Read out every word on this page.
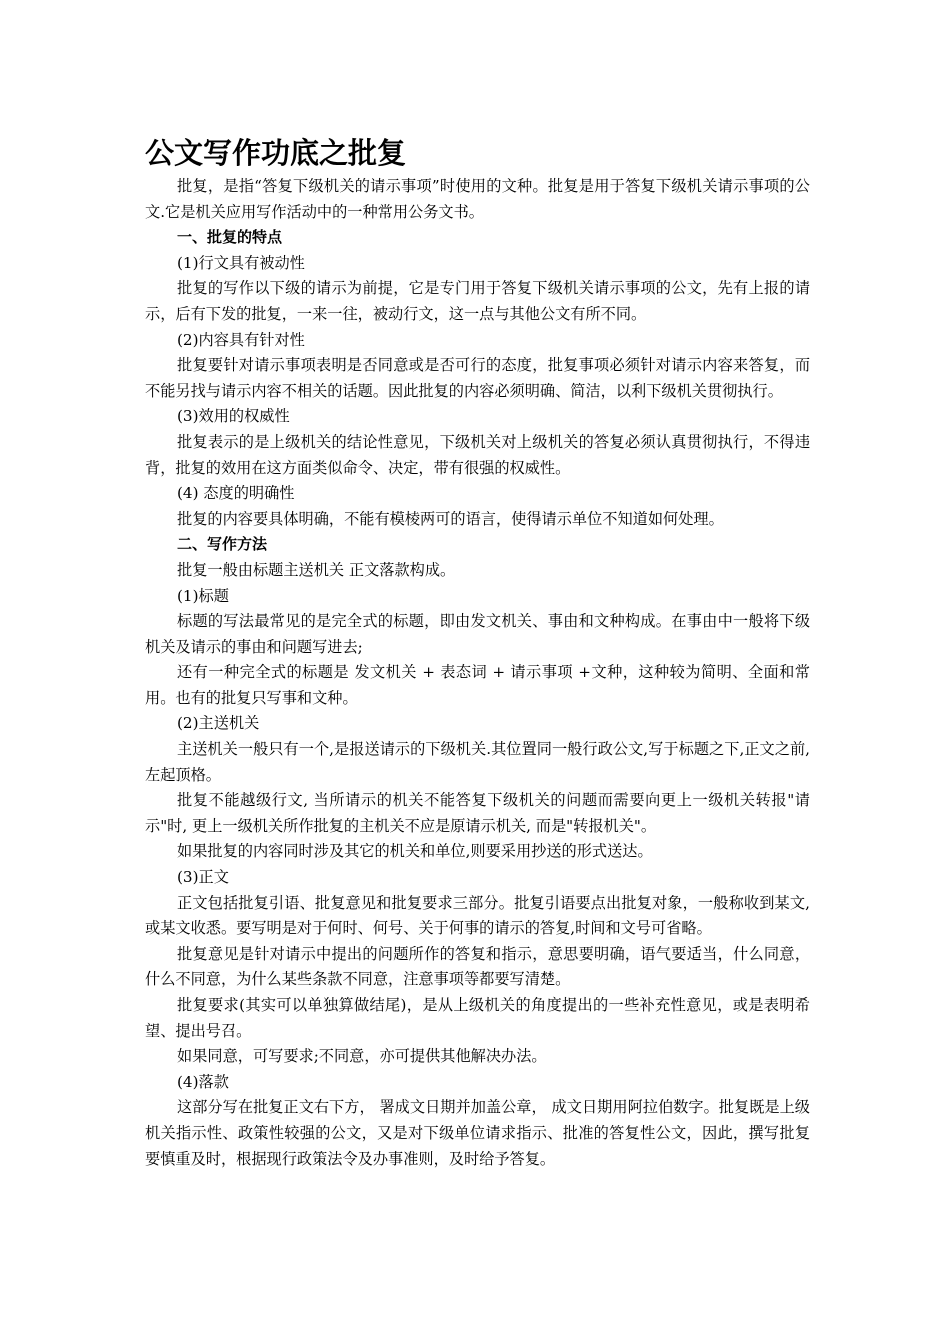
公文写作功底之批复

批复，是指“答复下级机关的请示事项”时使用的文种。批复是用于答复下级机关请示事项的公文.它是机关应用写作活动中的一种常用公务文书。

一、批复的特点

(1)行文具有被动性

批复的写作以下级的请示为前提，它是专门用于答复下级机关请示事项的公文，先有上报的请示，后有下发的批复，一来一往，被动行文，这一点与其他公文有所不同。

(2)内容具有针对性

批复要针对请示事项表明是否同意或是否可行的态度，批复事项必须针对请示内容来答复，而不能另找与请示内容不相关的话题。因此批复的内容必须明确、简洁，以利下级机关贯彻执行。

(3)效用的权威性

批复表示的是上级机关的结论性意见，下级机关对上级机关的答复必须认真贯彻执行，不得违背，批复的效用在这方面类似命令、决定，带有很强的权威性。

(4) 态度的明确性

批复的内容要具体明确，不能有模棱两可的语言，使得请示单位不知道如何处理。

二、写作方法

批复一般由标题主送机关 正文落款构成。

(1)标题

标题的写法最常见的是完全式的标题，即由发文机关、事由和文种构成。在事由中一般将下级机关及请示的事由和问题写进去;

还有一种完全式的标题是 发文机关 + 表态词 + 请示事项 +文种，这种较为简明、全面和常用。也有的批复只写事和文种。

(2)主送机关

主送机关一般只有一个,是报送请示的下级机关.其位置同一般行政公文,写于标题之下,正文之前,左起顶格。

批复不能越级行文, 当所请示的机关不能答复下级机关的问题而需要向更上一级机关转报"请示"时, 更上一级机关所作批复的主机关不应是原请示机关, 而是"转报机关"。

如果批复的内容同时涉及其它的机关和单位,则要采用抄送的形式送达。

(3)正文

正文包括批复引语、批复意见和批复要求三部分。批复引语要点出批复对象，一般称收到某文,或某文收悉。要写明是对于何时、何号、关于何事的请示的答复,时间和文号可省略。

批复意见是针对请示中提出的问题所作的答复和指示，意思要明确，语气要适当，什么同意，什么不同意，为什么某些条款不同意，注意事项等都要写清楚。

批复要求(其实可以单独算做结尾)，是从上级机关的角度提出的一些补充性意见，或是表明希望、提出号召。

如果同意，可写要求;不同意，亦可提供其他解决办法。

(4)落款

这部分写在批复正文右下方， 署成文日期并加盖公章， 成文日期用阿拉伯数字。批复既是上级机关指示性、政策性较强的公文，又是对下级单位请求指示、批准的答复性公文，因此，撰写批复要慎重及时，根据现行政策法令及办事准则，及时给予答复。
